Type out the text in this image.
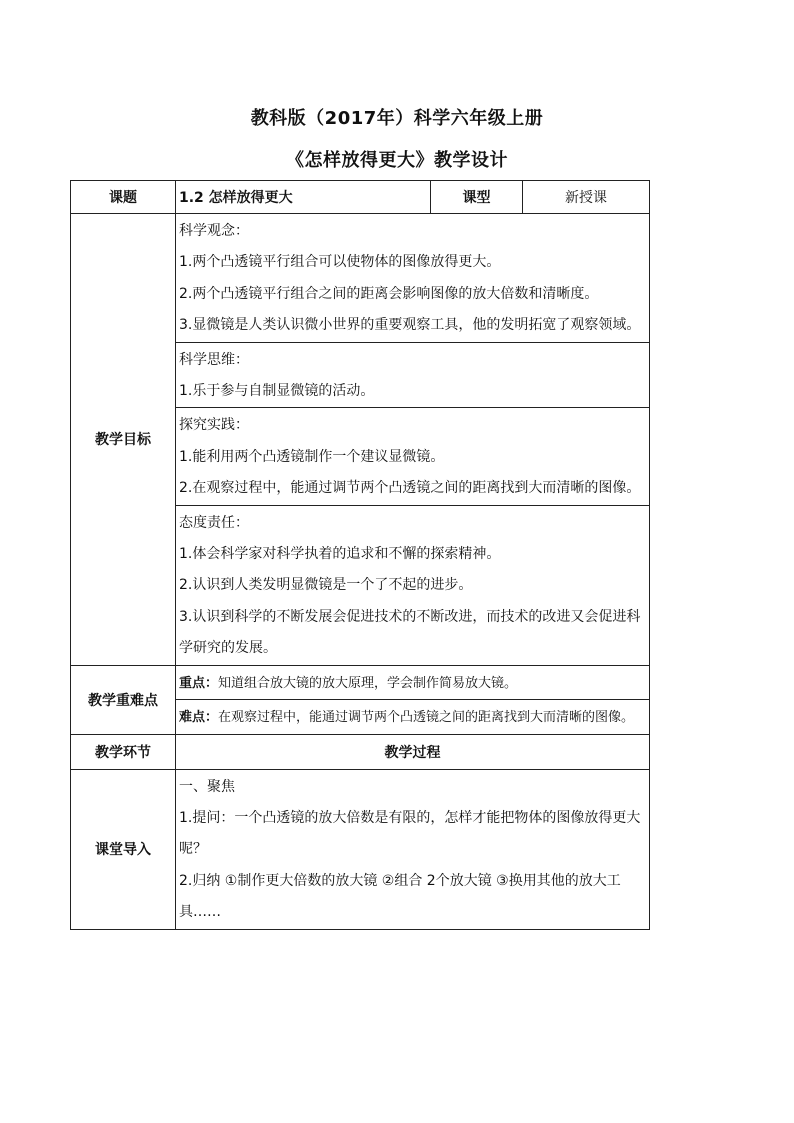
教科版（2017年）科学六年级上册
《怎样放得更大》教学设计
课题	1.2 怎样放得更大	课型	新授课
教学目标	科学观念：
1.两个凸透镜平行组合可以使物体的图像放得更大。
2.两个凸透镜平行组合之间的距离会影响图像的放大倍数和清晰度。
3.显微镜是人类认识微小世界的重要观察工具，他的发明拓宽了观察领域。		

	科学思维：
1.乐于参与自制显微镜的活动。		

	探究实践：
1.能利用两个凸透镜制作一个建议显微镜。
2.在观察过程中，能通过调节两个凸透镜之间的距离找到大而清晰的图像。		

	态度责任：
1.体会科学家对科学执着的追求和不懈的探索精神。
2.认识到人类发明显微镜是一个了不起的进步。
3.认识到科学的不断发展会促进技术的不断改进，而技术的改进又会促进科学研究的发展。		

教学重难点	重点：知道组合放大镜的放大原理，学会制作简易放大镜。		

	难点：在观察过程中，能通过调节两个凸透镜之间的距离找到大而清晰的图像。		

教学环节	教学过程		
课堂导入	一、聚焦
1.提问：一个凸透镜的放大倍数是有限的，怎样才能把物体的图像放得更大呢？
2.归纳 ①制作更大倍数的放大镜 ②组合 2个放大镜 ③换用其他的放大工具……		
